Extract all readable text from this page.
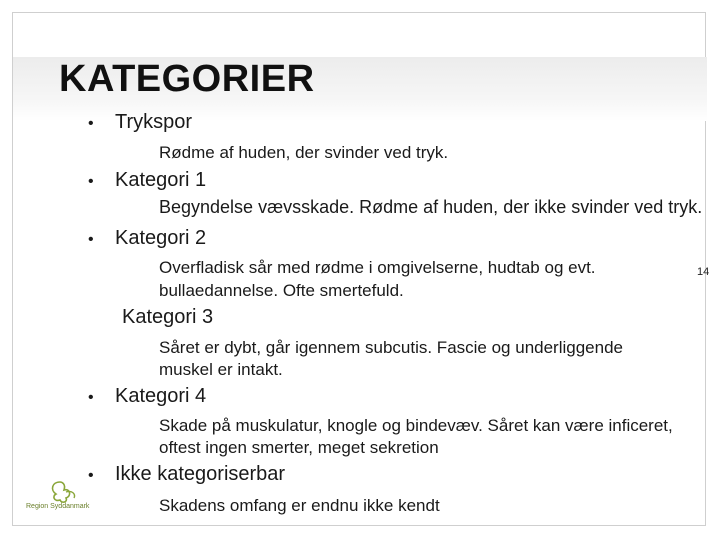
KATEGORIER
• Trykspor
Rødme af huden, der svinder ved tryk.
• Kategori 1
Begyndelse vævsskade. Rødme af huden, der ikke svinder ved tryk.
• Kategori 2
Overfladisk sår med rødme i omgivelserne, hudtab og evt.
bullaedannelse. Ofte smertefuld.
Kategori 3
Såret er dybt, går igennem subcutis. Fascie og underliggende
muskel er intakt.
• Kategori 4
Skade på muskulatur, knogle og bindevæv. Såret kan være inficeret,
oftest ingen smerter, meget sekretion
• Ikke kategoriserbar
Skadens omfang er endnu ikke kendt
14
Region Syddanmark
